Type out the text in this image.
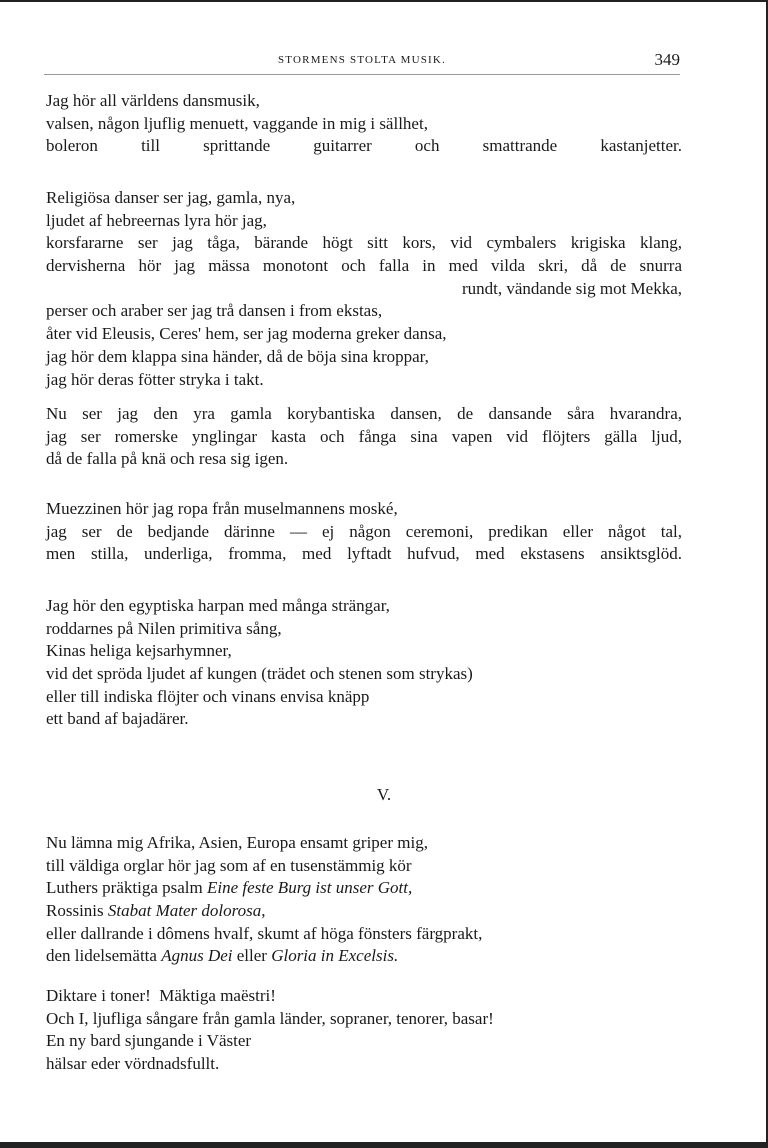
STORMENS STOLTA MUSIK.	349
Jag hör all världens dansmusik,
valsen, någon ljuflig menuett, vaggande in mig i sällhet,
boleron till sprittande guitarrer och smattrande kastanjetter.
Religiösa danser ser jag, gamla, nya,
ljudet af hebreernas lyra hör jag,
korsfararne ser jag tåga, bärande högt sitt kors, vid cymbalers krigiska klang,
dervisherna hör jag mässa monotont och falla in med vilda skri, då de snurra
rundt, vändande sig mot Mekka,
perser och araber ser jag trå dansen i from ekstas,
åter vid Eleusis, Ceres' hem, ser jag moderna greker dansa,
jag hör dem klappa sina händer, då de böja sina kroppar,
jag hör deras fötter stryka i takt.
Nu ser jag den yra gamla korybantiska dansen, de dansande såra hvarandra,
jag ser romerske ynglingar kasta och fånga sina vapen vid flöjters gälla ljud,
då de falla på knä och resa sig igen.
Muezzinen hör jag ropa från muselmannens moské,
jag ser de bedjande därinne — ej någon ceremoni, predikan eller något tal,
men stilla, underliga, fromma, med lyftadt hufvud, med ekstasens ansiktsglöd.
Jag hör den egyptiska harpan med många strängar,
roddarnes på Nilen primitiva sång,
Kinas heliga kejsarhymner,
vid det spröda ljudet af kungen (trädet och stenen som strykas)
eller till indiska flöjter och vinans envisa knäpp
ett band af bajadärer.
V.
Nu lämna mig Afrika, Asien, Europa ensamt griper mig,
till väldiga orglar hör jag som af en tusenstämmig kör
Luthers präktiga psalm Eine feste Burg ist unser Gott,
Rossinis Stabat Mater dolorosa,
eller dallrande i dômens hvalf, skumt af höga fönsters färgprakt,
den lidelsemätta Agnus Dei eller Gloria in Excelsis.
Diktare i toner!  Mäktiga maëstri!
Och I, ljufliga sångare från gamla länder, sopraner, tenorer, basar!
En ny bard sjungande i Väster
hälsar eder vördnadsfullt.
